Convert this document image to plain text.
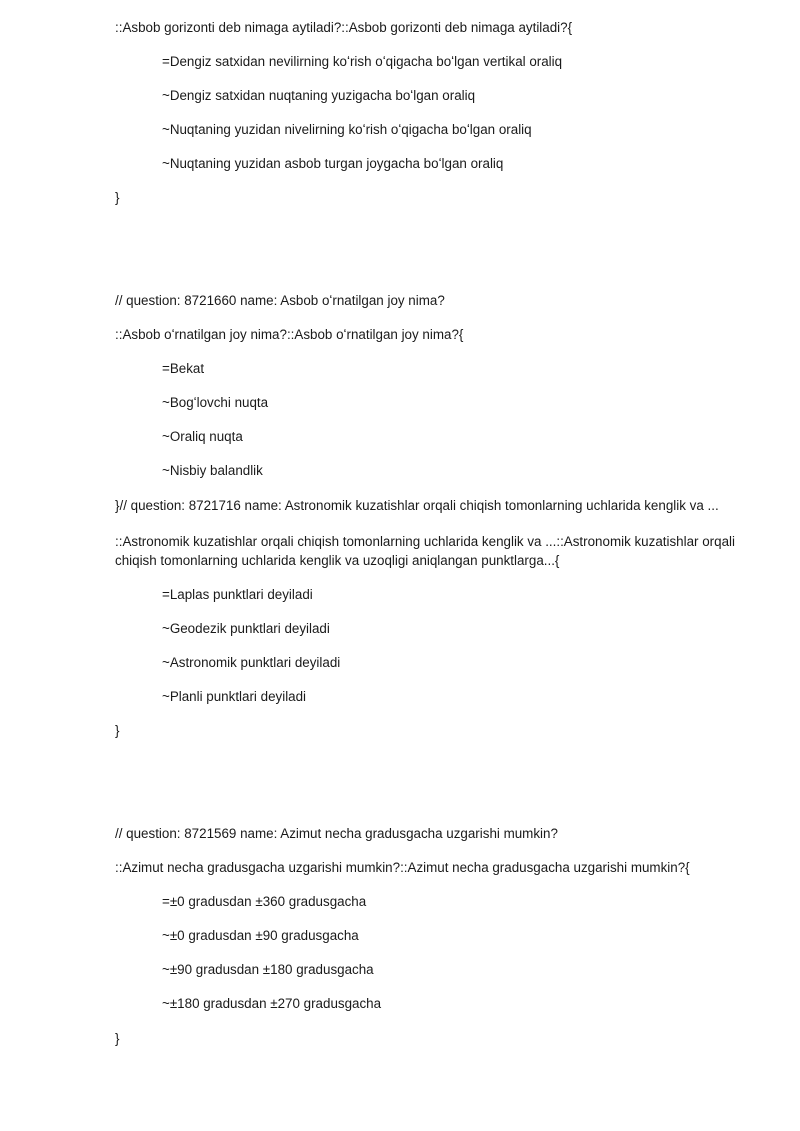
::Asbob gorizonti deb nimaga aytiladi?::Asbob gorizonti deb nimaga aytiladi?{
=Dengiz satxidan nevilirning koʻrish oʻqigacha boʻlgan vertikal oraliq
~Dengiz satxidan nuqtaning yuzigacha boʻlgan oraliq
~Nuqtaning yuzidan nivelirning koʻrish oʻqigacha boʻlgan oraliq
~Nuqtaning yuzidan asbob turgan joygacha boʻlgan oraliq
}
// question: 8721660 name: Asbob oʻrnatilgan joy nima?
::Asbob oʻrnatilgan joy nima?::Asbob oʻrnatilgan joy nima?{
=Bekat
~Bogʻlovchi nuqta
~Oraliq nuqta
~Nisbiy balandlik
}// question: 8721716 name: Astronomik kuzatishlar orqali chiqish tomonlarning uchlarida kenglik va ...
::Astronomik kuzatishlar orqali chiqish tomonlarning uchlarida kenglik va ...::Astronomik kuzatishlar orqali chiqish tomonlarning uchlarida kenglik va uzoqligi aniqlangan punktlarga...{
=Laplas punktlari deyiladi
~Geodezik punktlari deyiladi
~Astronomik punktlari deyiladi
~Planli punktlari deyiladi
}
// question: 8721569 name: Azimut necha gradusgacha uzgarishi mumkin?
::Azimut necha gradusgacha uzgarishi mumkin?::Azimut necha gradusgacha uzgarishi mumkin?{
=±0 gradusdan ±360 gradusgacha
~±0 gradusdan ±90 gradusgacha
~±90 gradusdan ±180 gradusgacha
~±180 gradusdan ±270 gradusgacha
}
